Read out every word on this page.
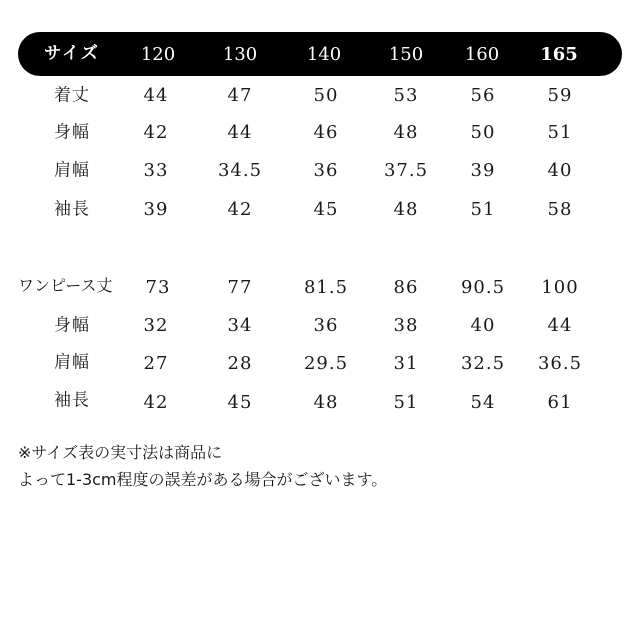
サイズ 120	130	140	150 160 165
着丈	44	47	50	53	56	59
身幅	42	44	46	48	50	51
肩幅	33	34.5	36	37.5 39	40
袖長	39	42	45	48	51	58
ワンピース丈 73	77	81.5	86 90.5 100
身幅	32	34	36	38	40	44
肩幅	27	28	29.5	31 32.5 36.5
袖長	42	45	48	51	54	61
※サイズ表の実寸法は商品に
よって1-3cm程度の誤差がある場合がございます。
